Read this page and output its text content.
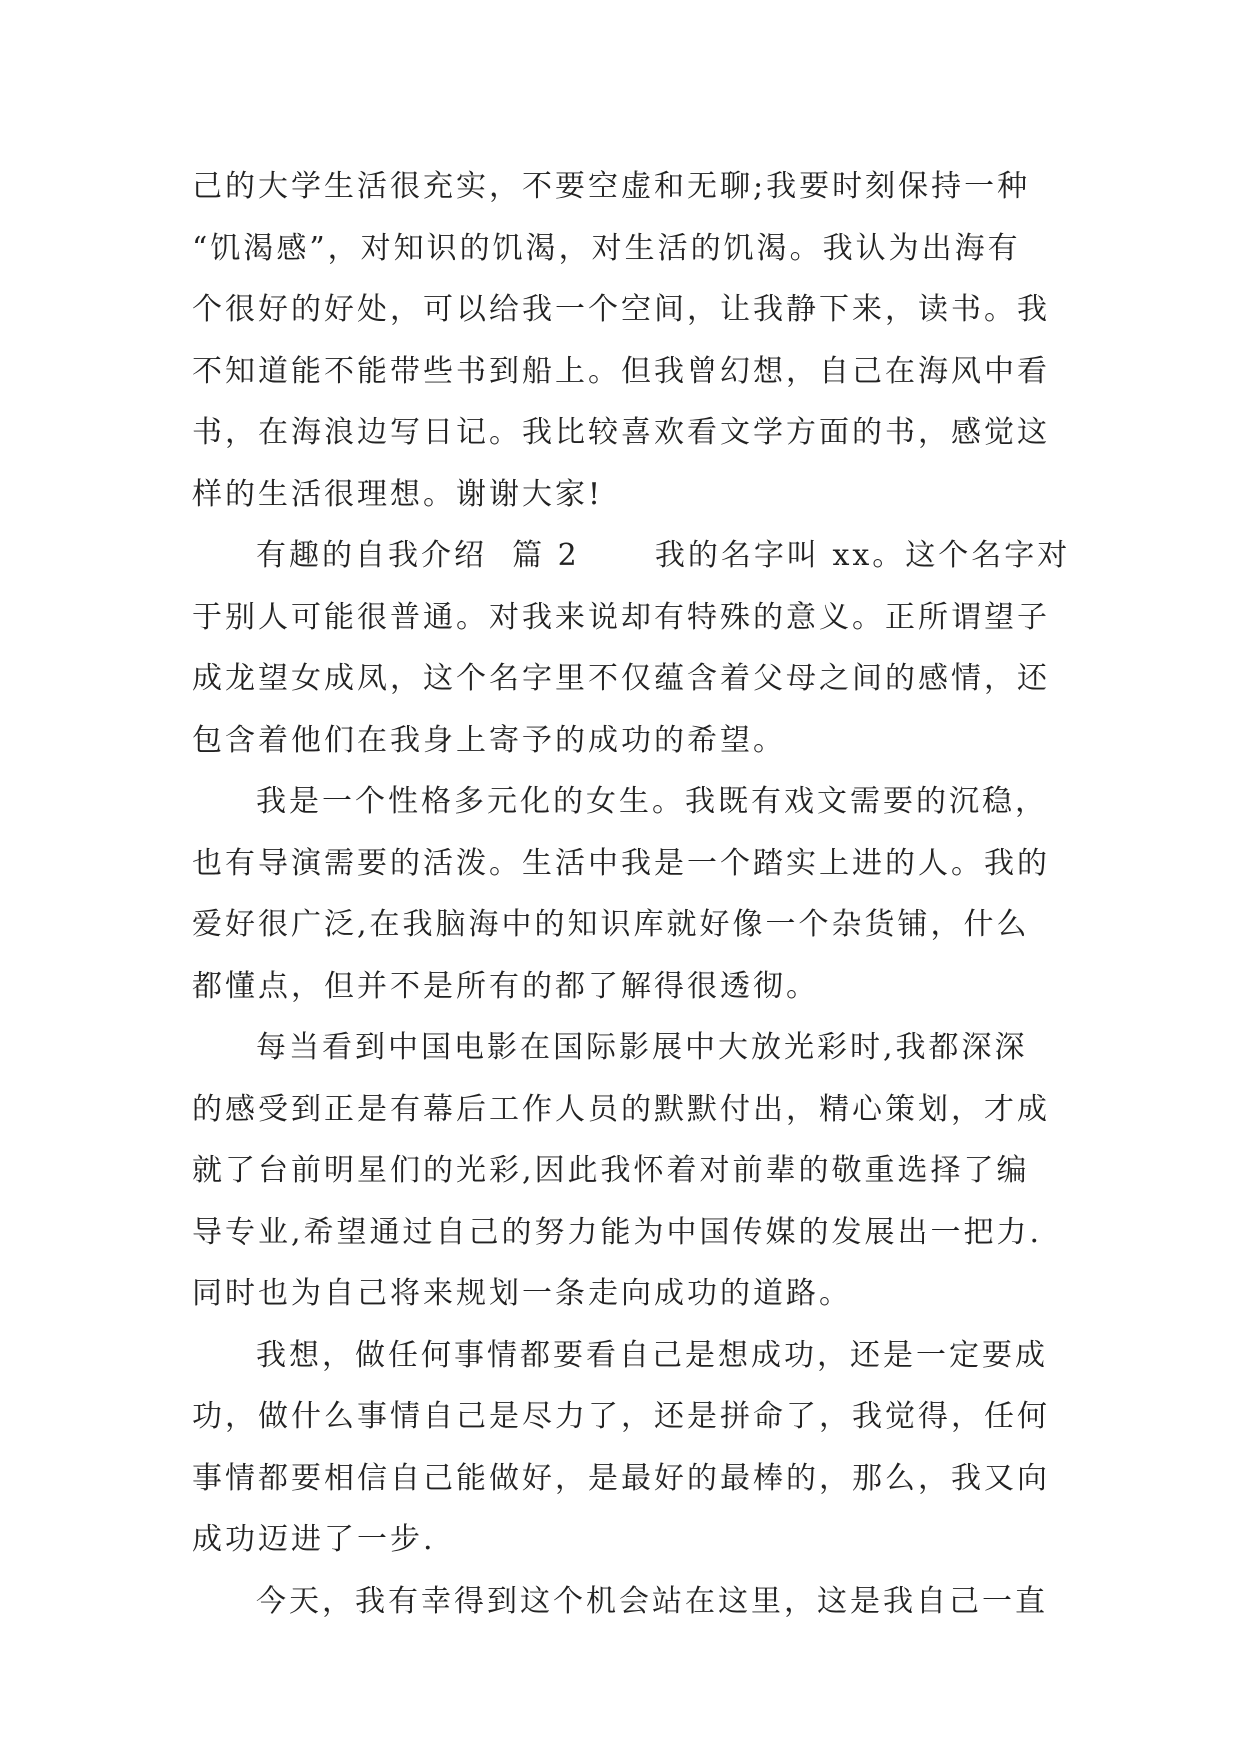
己的大学生活很充实，不要空虚和无聊;我要时刻保持一种
“饥渴感”，对知识的饥渴，对生活的饥渴。我认为出海有
个很好的好处，可以给我一个空间，让我静下来，读书。我
不知道能不能带些书到船上。但我曾幻想，自己在海风中看
书，在海浪边写日记。我比较喜欢看文学方面的书，感觉这
样的生活很理想。谢谢大家!
有趣的自我介绍  篇 2      我的名字叫 xx。这个名字对
于别人可能很普通。对我来说却有特殊的意义。正所谓望子
成龙望女成凤，这个名字里不仅蕴含着父母之间的感情，还
包含着他们在我身上寄予的成功的希望。
我是一个性格多元化的女生。我既有戏文需要的沉稳，
也有导演需要的活泼。生活中我是一个踏实上进的人。我的
爱好很广泛,在我脑海中的知识库就好像一个杂货铺，什么
都懂点，但并不是所有的都了解得很透彻。
每当看到中国电影在国际影展中大放光彩时,我都深深
的感受到正是有幕后工作人员的默默付出，精心策划，才成
就了台前明星们的光彩,因此我怀着对前辈的敬重选择了编
导专业,希望通过自己的努力能为中国传媒的发展出一把力.
同时也为自己将来规划一条走向成功的道路。
我想，做任何事情都要看自己是想成功，还是一定要成
功，做什么事情自己是尽力了，还是拼命了，我觉得，任何
事情都要相信自己能做好，是最好的最棒的，那么，我又向
成功迈进了一步.
今天，我有幸得到这个机会站在这里，这是我自己一直
